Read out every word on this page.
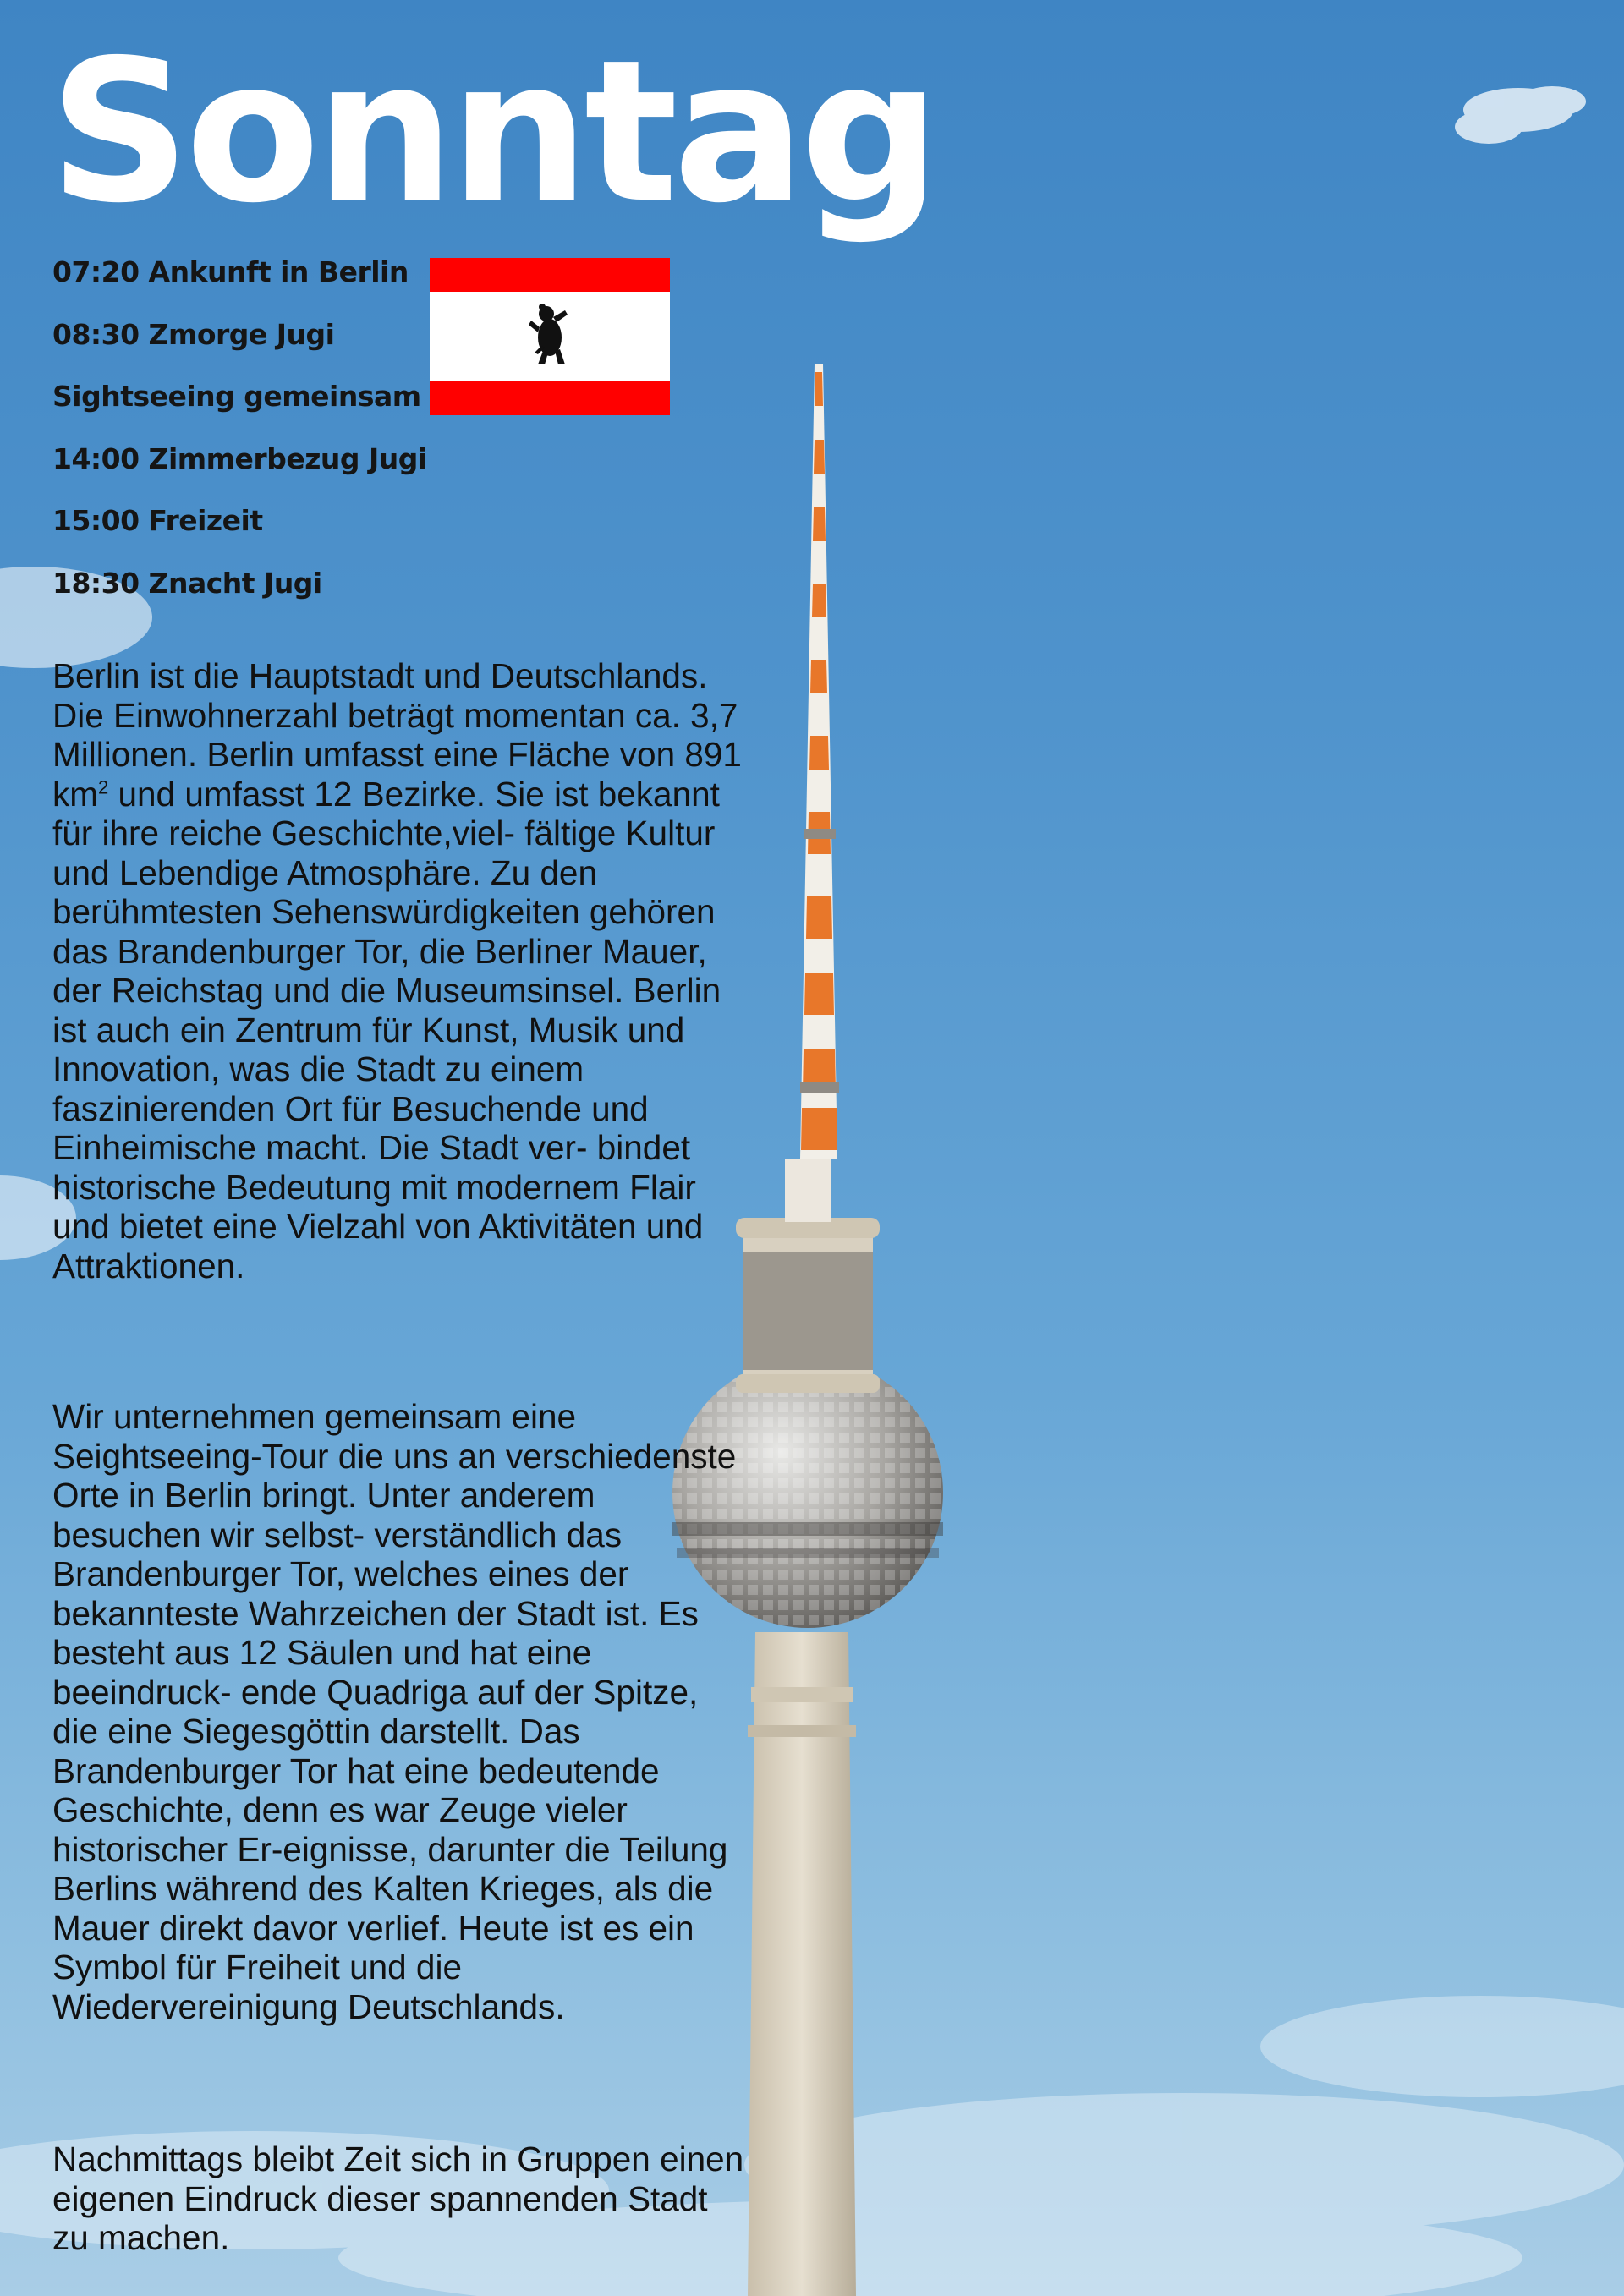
Sonntag
07:20 Ankunft in Berlin
08:30 Zmorge Jugi
Sightseeing gemeinsam
14:00 Zimmerbezug Jugi
15:00 Freizeit
18:30 Znacht Jugi

Berlin ist die Hauptstadt und Deutschlands. Die Einwohnerzahl beträgt momentan ca. 3,7 Millionen. Berlin umfasst eine Fläche von 891 $km^2$ und umfasst 12 Bezirke. Sie ist bekannt für ihre reiche Geschichte,viel- fältige Kultur und Lebendige Atmosphäre. Zu den berühmtesten Sehenswürdigkeiten gehören das Brandenburger Tor, die Berliner Mauer, der Reichstag und die Museumsinsel. Berlin ist auch ein Zentrum für Kunst, Musik und Innovation, was die Stadt zu einem faszinierenden Ort für Besuchende und Einheimische macht. Die Stadt ver- bindet historische Bedeutung mit modernem Flair und bietet eine Vielzahl von Aktivitäten und Attraktionen.

Wir unternehmen gemeinsam eine Seightseeing-Tour die uns an verschiedenste Orte in Berlin bringt. Unter anderem besuchen wir selbst- verständlich das Brandenburger Tor, welches eines der bekannteste Wahrzeichen der Stadt ist. Es besteht aus 12 Säulen und hat eine beeindruck- ende Quadriga auf der Spitze, die eine Siegesgöttin darstellt. Das Brandenburger Tor hat eine bedeutende Geschichte, denn es war Zeuge vieler historischer Er-eignisse, darunter die Teilung Berlins während des Kalten Krieges, als die Mauer direkt davor verlief. Heute ist es ein Symbol für Freiheit und die Wiedervereinigung Deutschlands.

Nachmittags bleibt Zeit sich in Gruppen einen eigenen Eindruck dieser spannenden Stadt zu machen.
